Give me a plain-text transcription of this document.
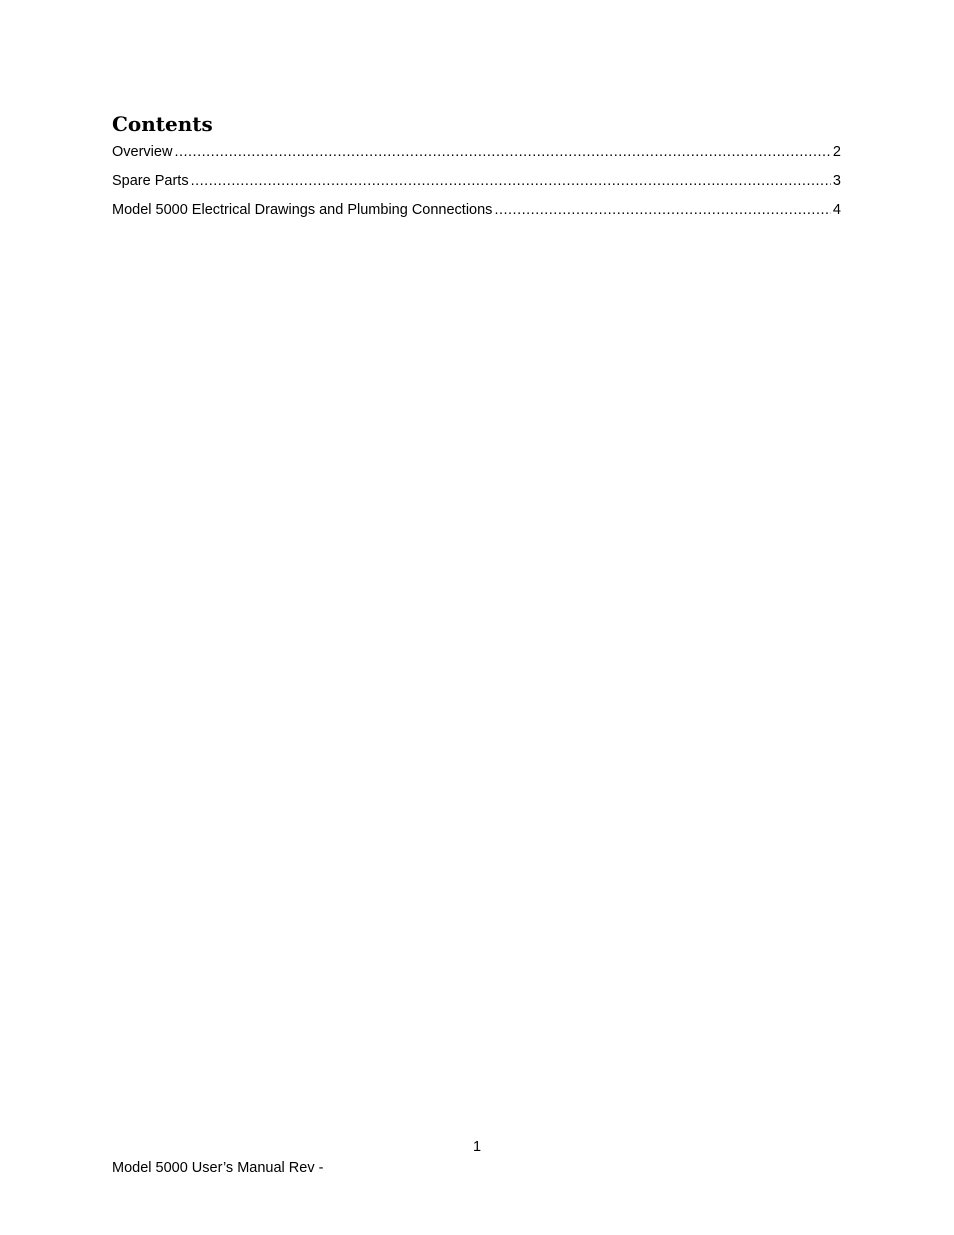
Contents
Overview .....	2
Spare Parts .....	3
Model 5000 Electrical Drawings and Plumbing Connections .....	4
1
Model 5000 User’s Manual Rev -
